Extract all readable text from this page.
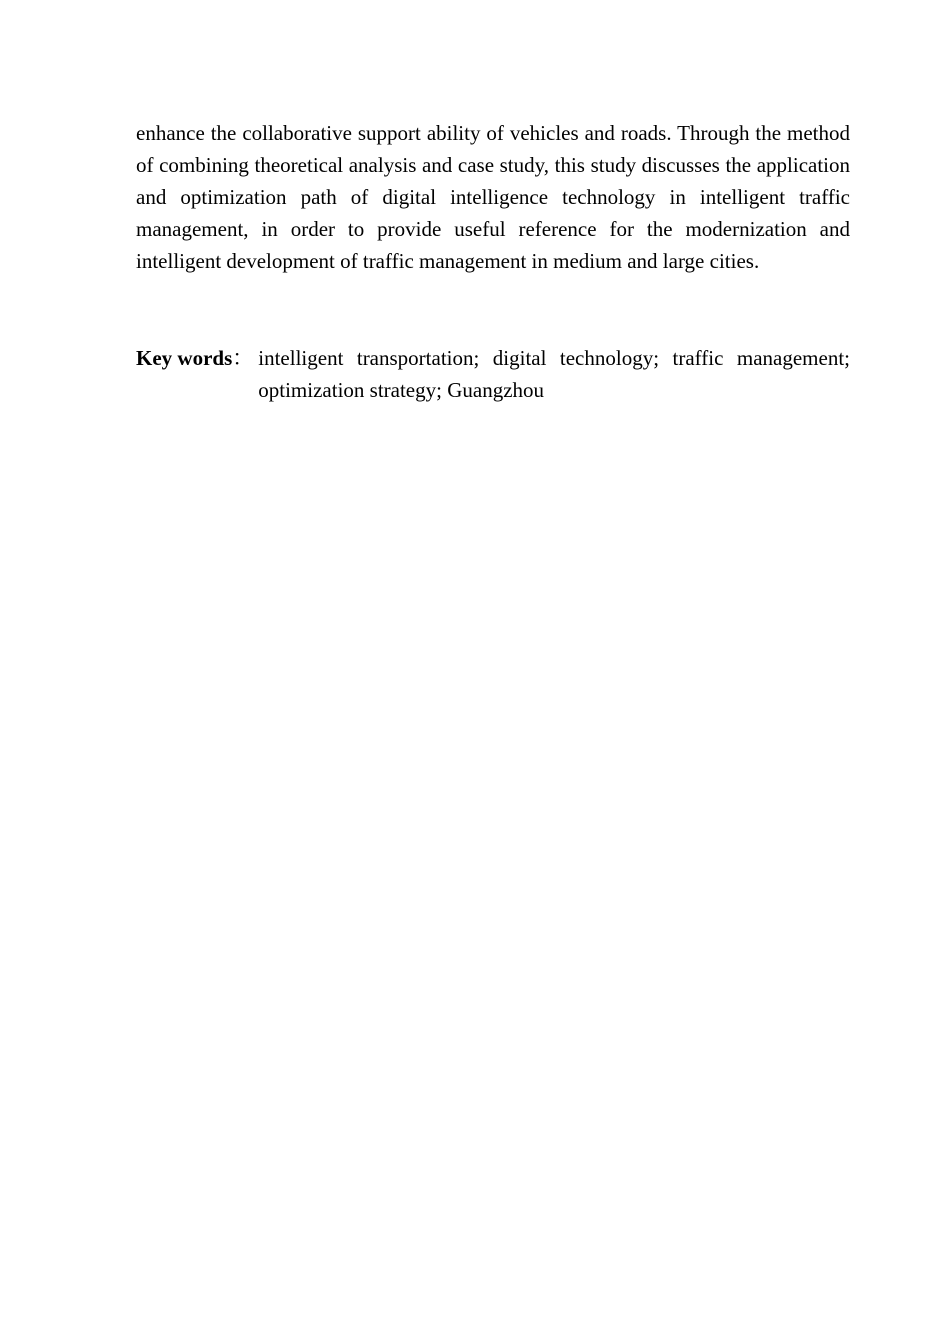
enhance the collaborative support ability of vehicles and roads. Through the method of combining theoretical analysis and case study, this study discusses the application and optimization path of digital intelligence technology in intelligent traffic management, in order to provide useful reference for the modernization and intelligent development of traffic management in medium and large cities.

Key words ： intelligent transportation; digital technology; traffic management; optimization strategy; Guangzhou
